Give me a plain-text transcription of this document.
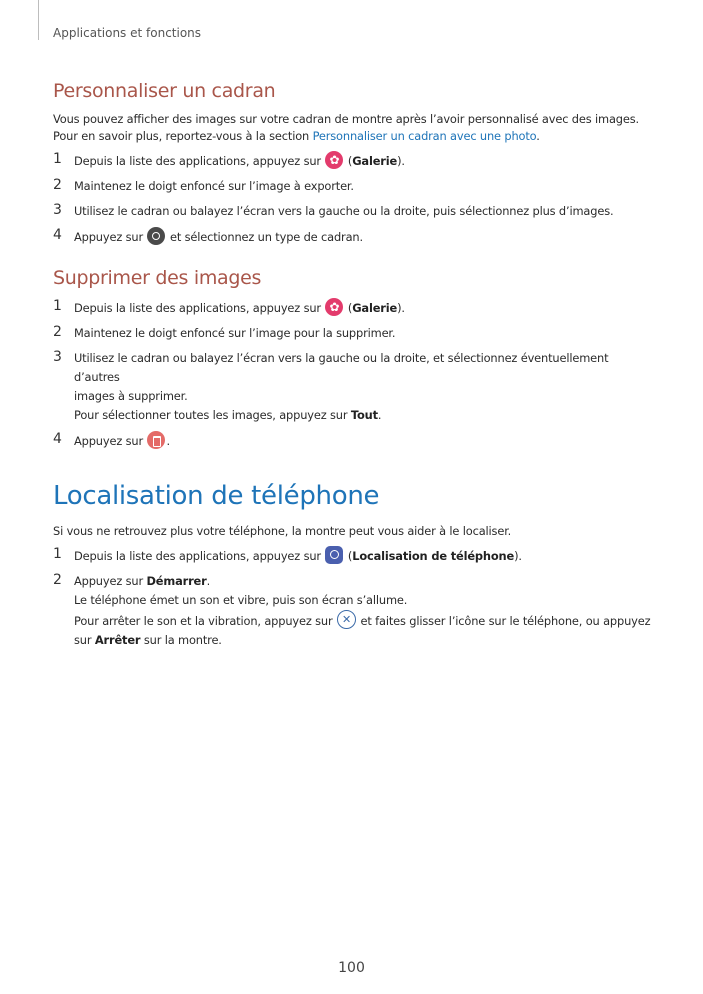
Applications et fonctions
Personnaliser un cadran

Vous pouvez afficher des images sur votre cadran de montre après l’avoir personnalisé avec des images.
Pour en savoir plus, reportez-vous à la section Personnaliser un cadran avec une photo.

1 Depuis la liste des applications, appuyez sur ✿ (Galerie).
2 Maintenez le doigt enfoncé sur l’image à exporter.
3 Utilisez le cadran ou balayez l’écran vers la gauche ou la droite, puis sélectionnez plus d’images.
4 Appuyez sur  et sélectionnez un type de cadran.
Supprimer des images
1 Depuis la liste des applications, appuyez sur ✿ (Galerie).
2 Maintenez le doigt enfoncé sur l’image pour la supprimer.
3 Utilisez le cadran ou balayez l’écran vers la gauche ou la droite, et sélectionnez éventuellement d’autres
images à supprimer.
Pour sélectionner toutes les images, appuyez sur Tout.
4 Appuyez sur .
Localisation de téléphone

Si vous ne retrouvez plus votre téléphone, la montre peut vous aider à le localiser.

1 Depuis la liste des applications, appuyez sur  (Localisation de téléphone).
2 Appuyez sur Démarrer.
Le téléphone émet un son et vibre, puis son écran s’allume.
Pour arrêter le son et la vibration, appuyez sur ✕ et faites glisser l’icône sur le téléphone, ou appuyez
sur Arrêter sur la montre.
100
